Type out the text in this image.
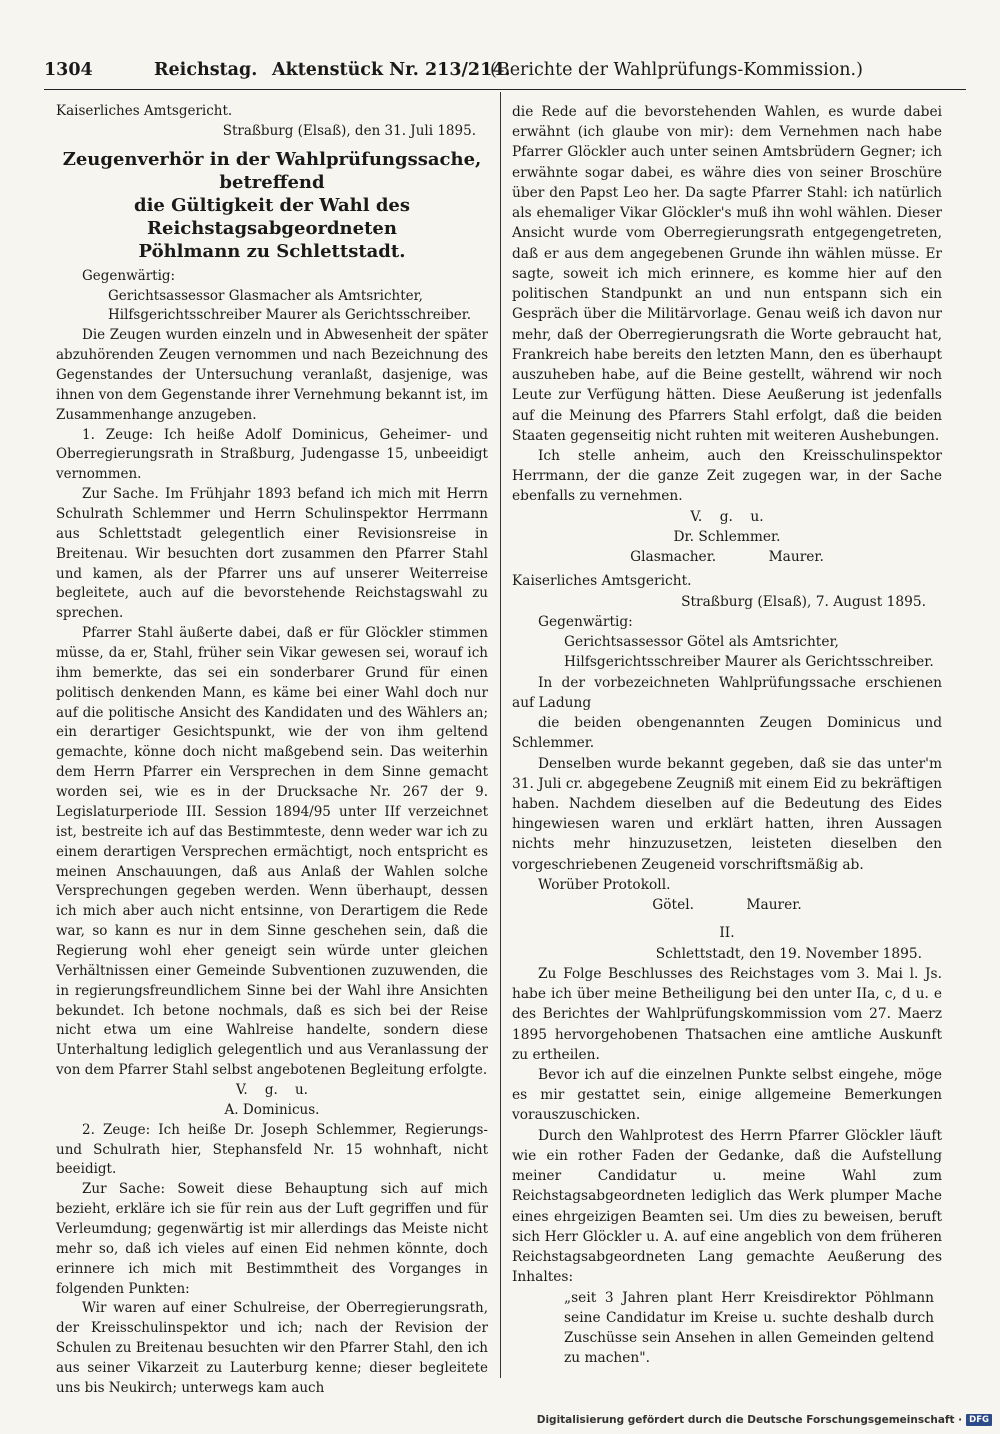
1304	Reichstag. Aktenstück Nr. 213/214.
(Berichte der Wahlprüfungs-Kommission.)

Kaiserliches Amtsgericht.

Straßburg (Elsaß), den 31. Juli 1895.

Zeugenverhör in der Wahlprüfungssache, betreffend
die Gültigkeit der Wahl des Reichstagsabgeordneten
Pöhlmann zu Schlettstadt.

Gegenwärtig:

Gerichtsassessor Glasmacher als Amtsrichter,

Hilfsgerichtsschreiber Maurer als Gerichtsschreiber.

Die Zeugen wurden einzeln und in Abwesenheit der später abzuhörenden Zeugen vernommen und nach Bezeichnung des Gegenstandes der Untersuchung veranlaßt, dasjenige, was ihnen von dem Gegenstande ihrer Vernehmung bekannt ist, im Zusammenhange anzugeben.

1. Zeuge: Ich heiße Adolf Dominicus, Geheimer- und Oberregierungsrath in Straßburg, Judengasse 15, unbeeidigt vernommen.

Zur Sache. Im Frühjahr 1893 befand ich mich mit Herrn Schulrath Schlemmer und Herrn Schulinspektor Herrmann aus Schlettstadt gelegentlich einer Revisionsreise in Breitenau. Wir besuchten dort zusammen den Pfarrer Stahl und kamen, als der Pfarrer uns auf unserer Weiterreise begleitete, auch auf die bevorstehende Reichstagswahl zu sprechen.

Pfarrer Stahl äußerte dabei, daß er für Glöckler stimmen müsse, da er, Stahl, früher sein Vikar gewesen sei, worauf ich ihm bemerkte, das sei ein sonderbarer Grund für einen politisch denkenden Mann, es käme bei einer Wahl doch nur auf die politische Ansicht des Kandidaten und des Wählers an; ein derartiger Gesichtspunkt, wie der von ihm geltend gemachte, könne doch nicht maßgebend sein. Das weiterhin dem Herrn Pfarrer ein Versprechen in dem Sinne gemacht worden sei, wie es in der Drucksache Nr. 267 der 9. Legislaturperiode III. Session 1894/95 unter IIf verzeichnet ist, bestreite ich auf das Bestimmteste, denn weder war ich zu einem derartigen Versprechen ermächtigt, noch entspricht es meinen Anschauungen, daß aus Anlaß der Wahlen solche Versprechungen gegeben werden. Wenn überhaupt, dessen ich mich aber auch nicht entsinne, von Derartigem die Rede war, so kann es nur in dem Sinne geschehen sein, daß die Regierung wohl eher geneigt sein würde unter gleichen Verhältnissen einer Gemeinde Subventionen zuzuwenden, die in regierungsfreundlichem Sinne bei der Wahl ihre Ansichten bekundet. Ich betone nochmals, daß es sich bei der Reise nicht etwa um eine Wahlreise handelte, sondern diese Unterhaltung lediglich gelegentlich und aus Veranlassung der von dem Pfarrer Stahl selbst angebotenen Begleitung erfolgte.

V.    g.    u.

A. Dominicus.

2. Zeuge: Ich heiße Dr. Joseph Schlemmer, Regierungs- und Schulrath hier, Stephansfeld Nr. 15 wohnhaft, nicht beeidigt.

Zur Sache: Soweit diese Behauptung sich auf mich bezieht, erkläre ich sie für rein aus der Luft gegriffen und für Verleumdung; gegenwärtig ist mir allerdings das Meiste nicht mehr so, daß ich vieles auf einen Eid nehmen könnte, doch erinnere ich mich mit Bestimmtheit des Vorganges in folgenden Punkten:

Wir waren auf einer Schulreise, der Oberregierungsrath, der Kreisschulinspektor und ich; nach der Revision der Schulen zu Breitenau besuchten wir den Pfarrer Stahl, den ich aus seiner Vikarzeit zu Lauterburg kenne; dieser begleitete uns bis Neukirch; unterwegs kam auch

die Rede auf die bevorstehenden Wahlen, es wurde dabei erwähnt (ich glaube von mir): dem Vernehmen nach habe Pfarrer Glöckler auch unter seinen Amtsbrüdern Gegner; ich erwähnte sogar dabei, es währe dies von seiner Broschüre über den Papst Leo her. Da sagte Pfarrer Stahl: ich natürlich als ehemaliger Vikar Glöckler's muß ihn wohl wählen. Dieser Ansicht wurde vom Oberregierungsrath entgegengetreten, daß er aus dem angegebenen Grunde ihn wählen müsse. Er sagte, soweit ich mich erinnere, es komme hier auf den politischen Standpunkt an und nun entspann sich ein Gespräch über die Militärvorlage. Genau weiß ich davon nur mehr, daß der Oberregierungsrath die Worte gebraucht hat, Frankreich habe bereits den letzten Mann, den es überhaupt auszuheben habe, auf die Beine gestellt, während wir noch Leute zur Verfügung hätten. Diese Aeußerung ist jedenfalls auf die Meinung des Pfarrers Stahl erfolgt, daß die beiden Staaten gegenseitig nicht ruhten mit weiteren Aushebungen.

Ich stelle anheim, auch den Kreisschulinspektor Herrmann, der die ganze Zeit zugegen war, in der Sache ebenfalls zu vernehmen.

V.    g.    u.

Dr. Schlemmer.

Glasmacher.            Maurer.

Kaiserliches Amtsgericht.

Straßburg (Elsaß), 7. August 1895.

Gegenwärtig:

Gerichtsassessor Götel als Amtsrichter,

Hilfsgerichtsschreiber Maurer als Gerichtsschreiber.

In der vorbezeichneten Wahlprüfungssache erschienen auf Ladung

die beiden obengenannten Zeugen Dominicus und Schlemmer.

Denselben wurde bekannt gegeben, daß sie das unter'm 31. Juli cr. abgegebene Zeugniß mit einem Eid zu bekräftigen haben. Nachdem dieselben auf die Bedeutung des Eides hingewiesen waren und erklärt hatten, ihren Aussagen nichts mehr hinzuzusetzen, leisteten dieselben den vorgeschriebenen Zeugeneid vorschriftsmäßig ab.

Worüber Protokoll.

Götel.            Maurer.

II.

Schlettstadt, den 19. November 1895.

Zu Folge Beschlusses des Reichstages vom 3. Mai l. Js. habe ich über meine Betheiligung bei den unter IIa, c, d u. e des Berichtes der Wahlprüfungskommission vom 27. Maerz 1895 hervorgehobenen Thatsachen eine amtliche Auskunft zu ertheilen.

Bevor ich auf die einzelnen Punkte selbst eingehe, möge es mir gestattet sein, einige allgemeine Bemerkungen vorauszuschicken.

Durch den Wahlprotest des Herrn Pfarrer Glöckler läuft wie ein rother Faden der Gedanke, daß die Aufstellung meiner Candidatur u. meine Wahl zum Reichstagsabgeordneten lediglich das Werk plumper Mache eines ehrgeizigen Beamten sei. Um dies zu beweisen, beruft sich Herr Glöckler u. A. auf eine angeblich von dem früheren Reichstagsabgeordneten Lang gemachte Aeußerung des Inhaltes:

„seit 3 Jahren plant Herr Kreisdirektor Pöhlmann seine Candidatur im Kreise u. suchte deshalb durch Zuschüsse sein Ansehen in allen Gemeinden geltend zu machen".

Digitalisierung gefördert durch die Deutsche Forschungsgemeinschaft · DFG
